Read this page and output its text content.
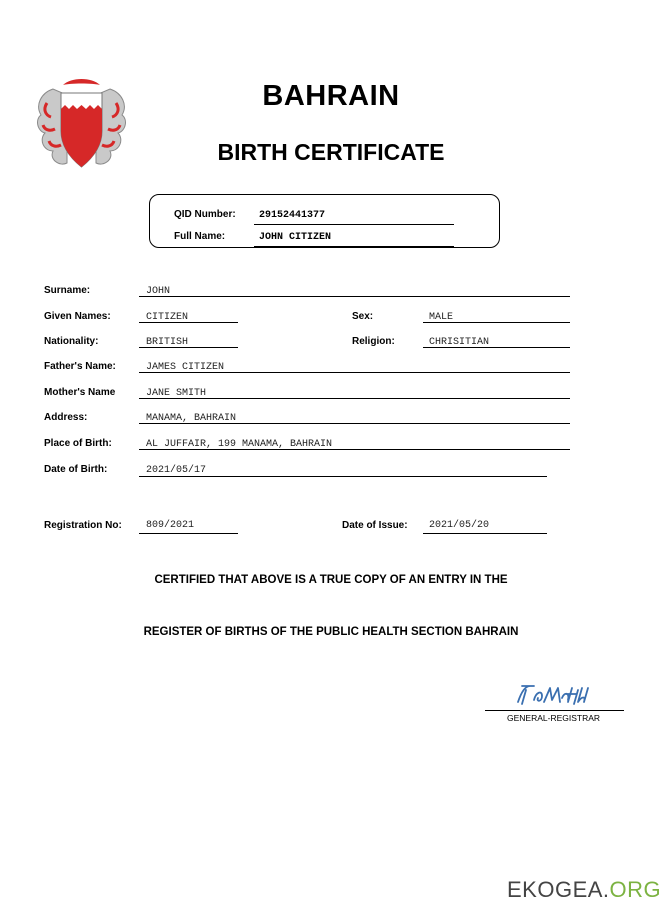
BAHRAIN
BIRTH CERTIFICATE
QID Number: 29152441377
Full Name:	JOHN CITIZEN
Surname:	JOHN
Given Names:	CITIZEN	Sex:	MALE
Nationality:	BRITISH	Religion:	CHRISITIAN
Father's Name:	JAMES CITIZEN
Mother's Name	JANE SMITH
Address:	MANAMA, BAHRAIN
Place of Birth:	AL JUFFAIR, 199 MANAMA, BAHRAIN
Date of Birth:	2021/05/17
Registration No: 809/2021	Date of Issue: 2021/05/20
CERTIFIED THAT ABOVE IS A TRUE COPY OF AN ENTRY IN THE
REGISTER OF BIRTHS OF THE PUBLIC HEALTH SECTION BAHRAIN
GENERAL-REGISTRAR
EKOGEA.ORG
